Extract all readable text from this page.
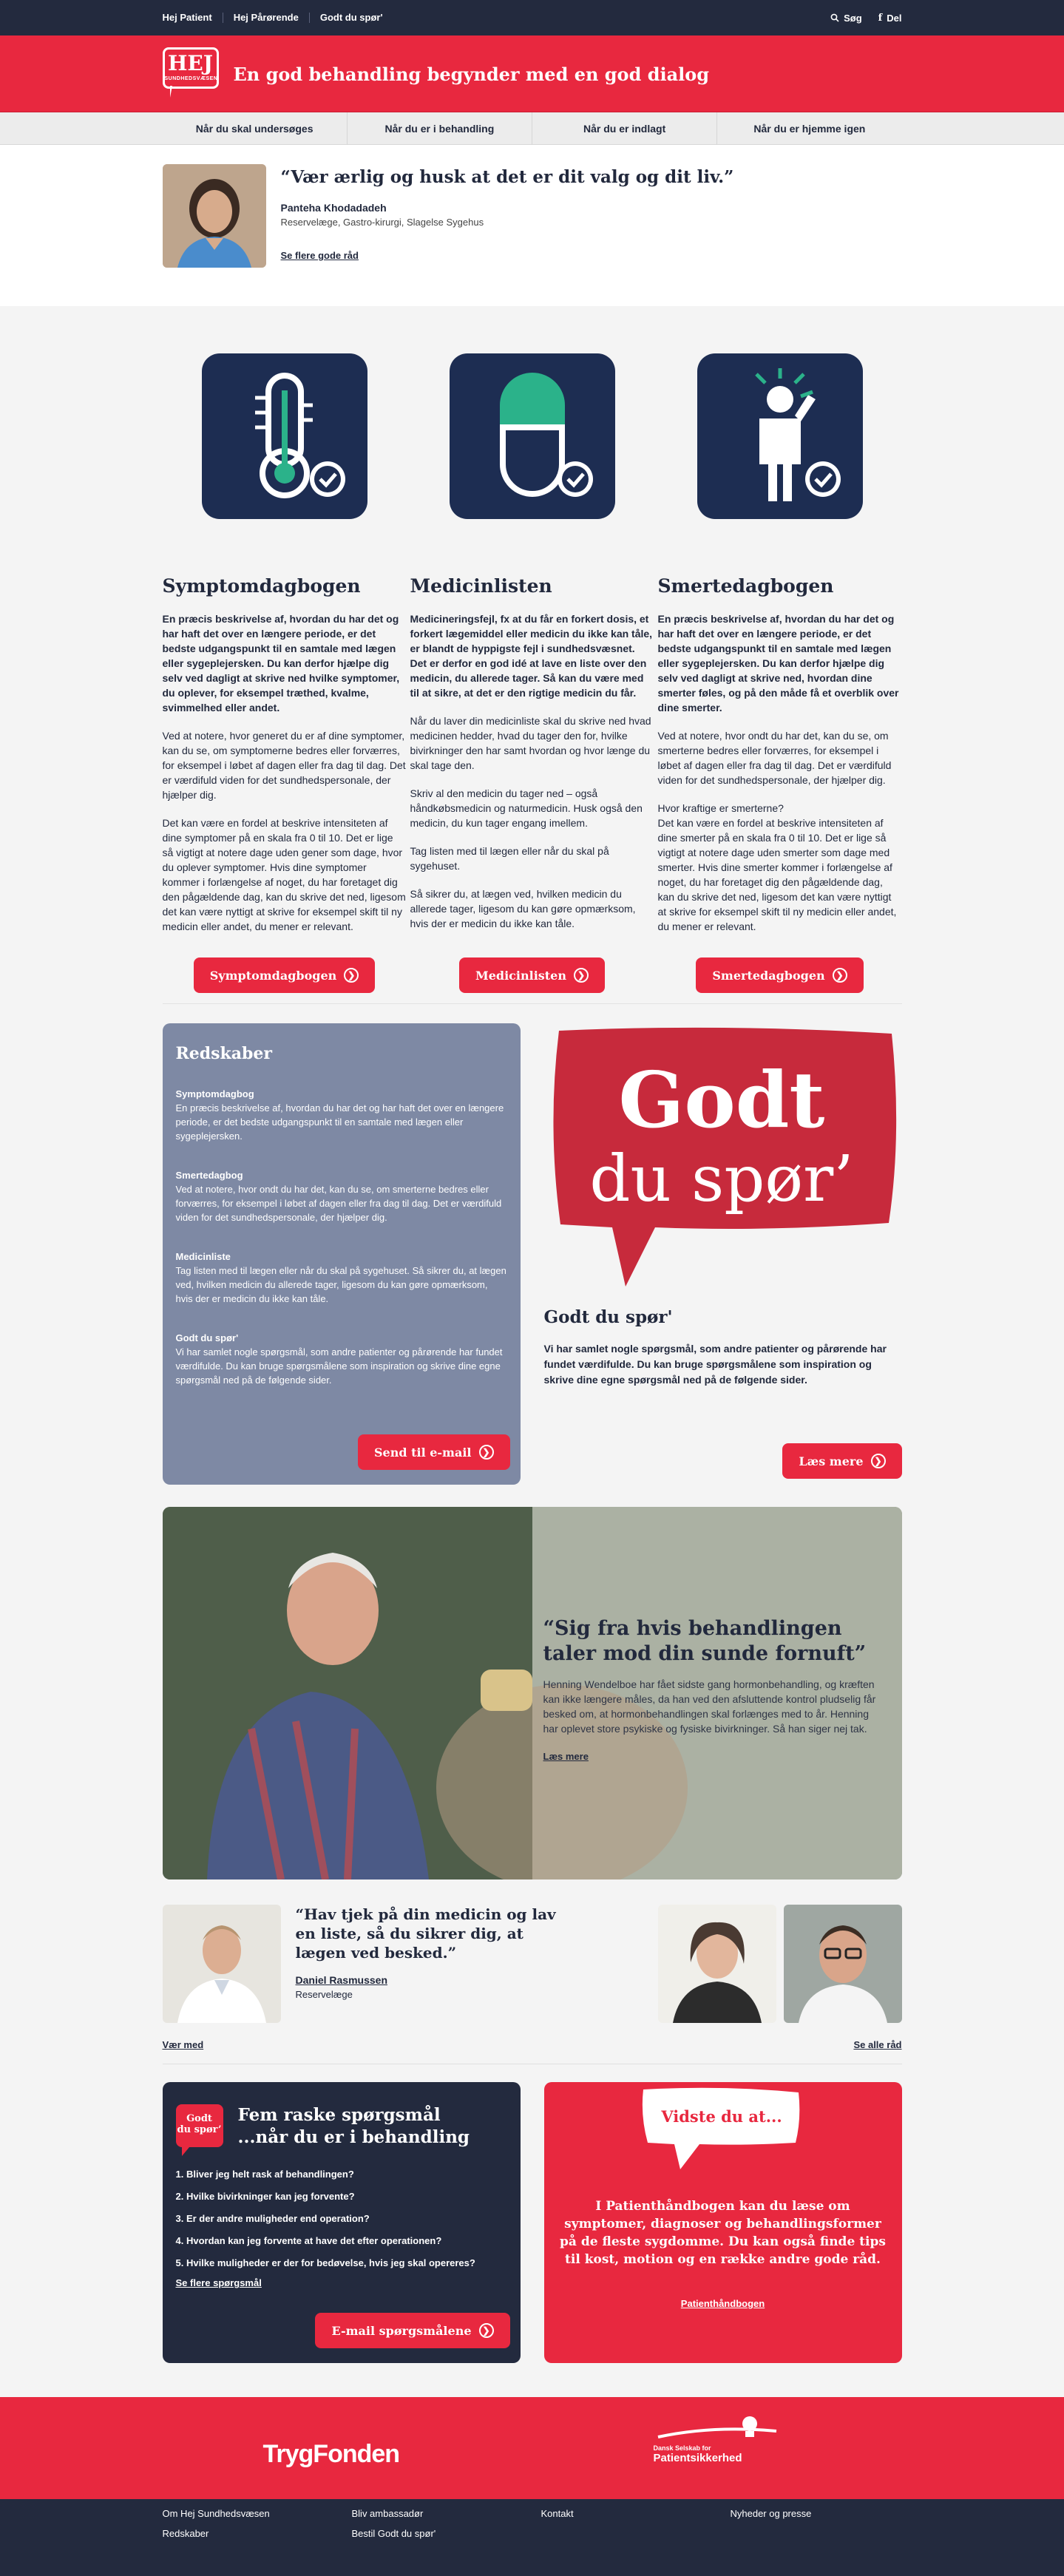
Hej Patient	Hej Pårørende	Godt du spør'	Søg f Del
HEJ
SUNDHEDSVÆSEN En god behandling begynder med en god dialog
Når du skal undersøges	Når du er i behandling	Når du er indlagt	Når du er hjemme igen
“Vær ærlig og husk at det er dit valg og dit liv.”
Panteha Khodadadeh
Reservelæge, Gastro-kirurgi, Slagelse Sygehus
Se flere gode råd
Symptomdagbogen
En præcis beskrivelse af, hvordan du har det og har haft det over en længere periode, er det bedste udgangspunkt til en samtale med lægen eller sygeplejersken. Du kan derfor hjælpe dig selv ved dagligt at skrive ned hvilke symptomer, du oplever, for eksempel træthed, kvalme, svimmelhed eller andet.

Ved at notere, hvor generet du er af dine symptomer, kan du se, om symptomerne bedres eller forværres, for eksempel i løbet af dagen eller fra dag til dag. Det er værdifuld viden for det sundhedspersonale, der hjælper dig.

Det kan være en fordel at beskrive intensiteten af dine symptomer på en skala fra 0 til 10. Det er lige så vigtigt at notere dage uden gener som dage, hvor du oplever symptomer. Hvis dine symptomer kommer i forlængelse af noget, du har foretaget dig den pågældende dag, kan du skrive det ned, ligesom det kan være nyttigt at skrive for eksempel skift til ny medicin eller andet, du mener er relevant.

Medicinlisten
Medicineringsfejl, fx at du får en forkert dosis, et forkert lægemiddel eller medicin du ikke kan tåle, er blandt de hyppigste fejl i sundhedsvæsnet. Det er derfor en god idé at lave en liste over den medicin, du allerede tager. Så kan du være med til at sikre, at det er den rigtige medicin du får.

Når du laver din medicinliste skal du skrive ned hvad medicinen hedder, hvad du tager den for, hvilke bivirkninger den har samt hvordan og hvor længe du skal tage den.

Skriv al den medicin du tager ned – også håndkøbsmedicin og naturmedicin. Husk også den medicin, du kun tager engang imellem.

Tag listen med til lægen eller når du skal på sygehuset.

Så sikrer du, at lægen ved, hvilken medicin du allerede tager, ligesom du kan gøre opmærksom, hvis der er medicin du ikke kan tåle.

Smertedagbogen
En præcis beskrivelse af, hvordan du har det og har haft det over en længere periode, er det bedste udgangspunkt til en samtale med lægen eller sygeplejersken. Du kan derfor hjælpe dig selv ved dagligt at skrive ned, hvordan dine smerter føles, og på den måde få et overblik over dine smerter.

Ved at notere, hvor ondt du har det, kan du se, om smerterne bedres eller forværres, for eksempel i løbet af dagen eller fra dag til dag. Det er værdifuld viden for det sundhedspersonale, der hjælper dig.

Hvor kraftige er smerterne?
Det kan være en fordel at beskrive intensiteten af dine smerter på en skala fra 0 til 10. Det er lige så vigtigt at notere dage uden smerter som dage med smerter. Hvis dine smerter kommer i forlængelse af noget, du har foretaget dig den pågældende dag, kan du skrive det ned, ligesom det kan være nyttigt at skrive for eksempel skift til ny medicin eller andet, du mener er relevant.

Symptomdagbogen	❯	Medicinlisten	❯	Smertedagbogen	❯
Redskaber
Symptomdagbog
En præcis beskrivelse af, hvordan du har det og har haft det over en længere periode, er det bedste udgangspunkt til en samtale med lægen eller sygeplejersken.
Smertedagbog
Ved at notere, hvor ondt du har det, kan du se, om smerterne bedres eller forværres, for eksempel i løbet af dagen eller fra dag til dag. Det er værdifuld viden for det sundhedspersonale, der hjælper dig.
Medicinliste
Tag listen med til lægen eller når du skal på sygehuset. Så sikrer du, at lægen ved, hvilken medicin du allerede tager, ligesom du kan gøre opmærksom, hvis der er medicin du ikke kan tåle.
Godt du spør'
Vi har samlet nogle spørgsmål, som andre patienter og pårørende har fundet værdifulde. Du kan bruge spørgsmålene som inspiration og skrive dine egne spørgsmål ned på de følgende sider.
Send til e-mail	❯
Godt
du spør’
Godt du spør'
Vi har samlet nogle spørgsmål, som andre patienter og pårørende har fundet værdifulde. Du kan bruge spørgsmålene som inspiration og skrive dine egne spørgsmål ned på de følgende sider.
Læs mere	❯
“Sig fra hvis behandlingen taler mod din sunde fornuft”

Henning Wendelboe har fået sidste gang hormonbehandling, og kræften kan ikke længere måles, da han ved den afsluttende kontrol pludselig får besked om, at hormonbehandlingen skal forlænges med to år. Henning har oplevet store psykiske og fysiske bivirkninger. Så han siger nej tak.

Læs mere
“Hav tjek på din medicin og lav en liste, så du sikrer dig, at lægen ved besked.”
Daniel Rasmussen
Reservelæge
Vær med	Se alle råd
Godt
du spør’
Fem raske spørgsmål
...når du er i behandling
1. Bliver jeg helt rask af behandlingen?
2. Hvilke bivirkninger kan jeg forvente?
3. Er der andre muligheder end operation?
4. Hvordan kan jeg forvente at have det efter operationen?
5. Hvilke muligheder er der for bedøvelse, hvis jeg skal opereres?
Se flere spørgsmål
E-mail spørgsmålene	❯
Vidste du at...
I Patienthåndbogen kan du læse om symptomer, diagnoser og behandlingsformer på de fleste sygdomme. Du kan også finde tips til kost, motion og en række andre gode råd.
Patienthåndbogen
TrygFonden	Dansk Selskab for
Patientsikkerhed
Om Hej Sundhedsvæsen	Bliv ambassadør	Kontakt	Nyheder og presse
Redskaber	Bestil Godt du spør'
